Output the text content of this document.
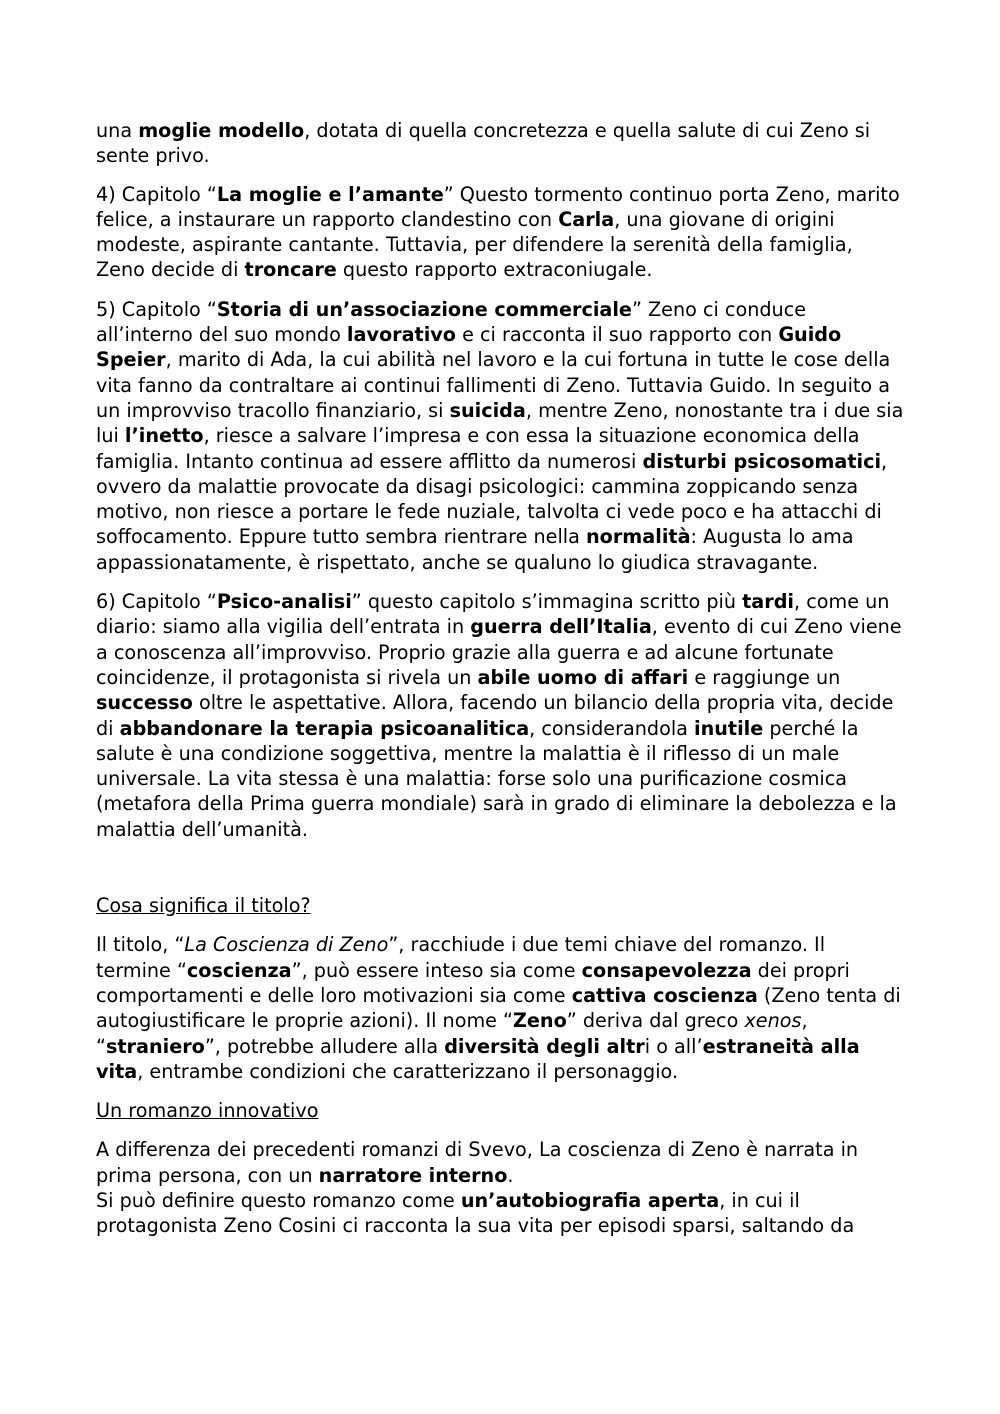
una moglie modello, dotata di quella concretezza e quella salute di cui Zeno si sente privo.

4) Capitolo “La moglie e l’amante” Questo tormento continuo porta Zeno, marito felice, a instaurare un rapporto clandestino con Carla, una giovane di origini modeste, aspirante cantante. Tuttavia, per difendere la serenità della famiglia, Zeno decide di troncare questo rapporto extraconiugale.

5) Capitolo “Storia di un’associazione commerciale” Zeno ci conduce all’interno del suo mondo lavorativo e ci racconta il suo rapporto con Guido Speier, marito di Ada, la cui abilità nel lavoro e la cui fortuna in tutte le cose della vita fanno da contraltare ai continui fallimenti di Zeno. Tuttavia Guido. In seguito a un improvviso tracollo finanziario, si suicida, mentre Zeno, nonostante tra i due sia lui l’inetto, riesce a salvare l’impresa e con essa la situazione economica della famiglia. Intanto continua ad essere afflitto da numerosi disturbi psicosomatici, ovvero da malattie provocate da disagi psicologici: cammina zoppicando senza motivo, non riesce a portare le fede nuziale, talvolta ci vede poco e ha attacchi di soffocamento. Eppure tutto sembra rientrare nella normalità: Augusta lo ama appassionatamente, è rispettato, anche se qualuno lo giudica stravagante.

6) Capitolo “Psico-analisi” questo capitolo s’immagina scritto più tardi, come un diario: siamo alla vigilia dell’entrata in guerra dell’Italia, evento di cui Zeno viene a conoscenza all’improvviso. Proprio grazie alla guerra e ad alcune fortunate coincidenze, il protagonista si rivela un abile uomo di affari e raggiunge un successo oltre le aspettative. Allora, facendo un bilancio della propria vita, decide di abbandonare la terapia psicoanalitica, considerandola inutile perché la salute è una condizione soggettiva, mentre la malattia è il riflesso di un male universale. La vita stessa è una malattia: forse solo una purificazione cosmica (metafora della Prima guerra mondiale) sarà in grado di eliminare la debolezza e la malattia dell’umanità.

Cosa significa il titolo?

Il titolo, “La Coscienza di Zeno”, racchiude i due temi chiave del romanzo. Il termine “coscienza”, può essere inteso sia come consapevolezza dei propri comportamenti e delle loro motivazioni sia come cattiva coscienza (Zeno tenta di autogiustificare le proprie azioni). Il nome “Zeno” deriva dal greco xenos, “straniero”, potrebbe alludere alla diversità degli altri o all’estraneità alla vita, entrambe condizioni che caratterizzano il personaggio.

Un romanzo innovativo

A differenza dei precedenti romanzi di Svevo, La coscienza di Zeno è narrata in prima persona, con un narratore interno.
Si può definire questo romanzo come un’autobiografia aperta, in cui il protagonista Zeno Cosini ci racconta la sua vita per episodi sparsi, saltando da
